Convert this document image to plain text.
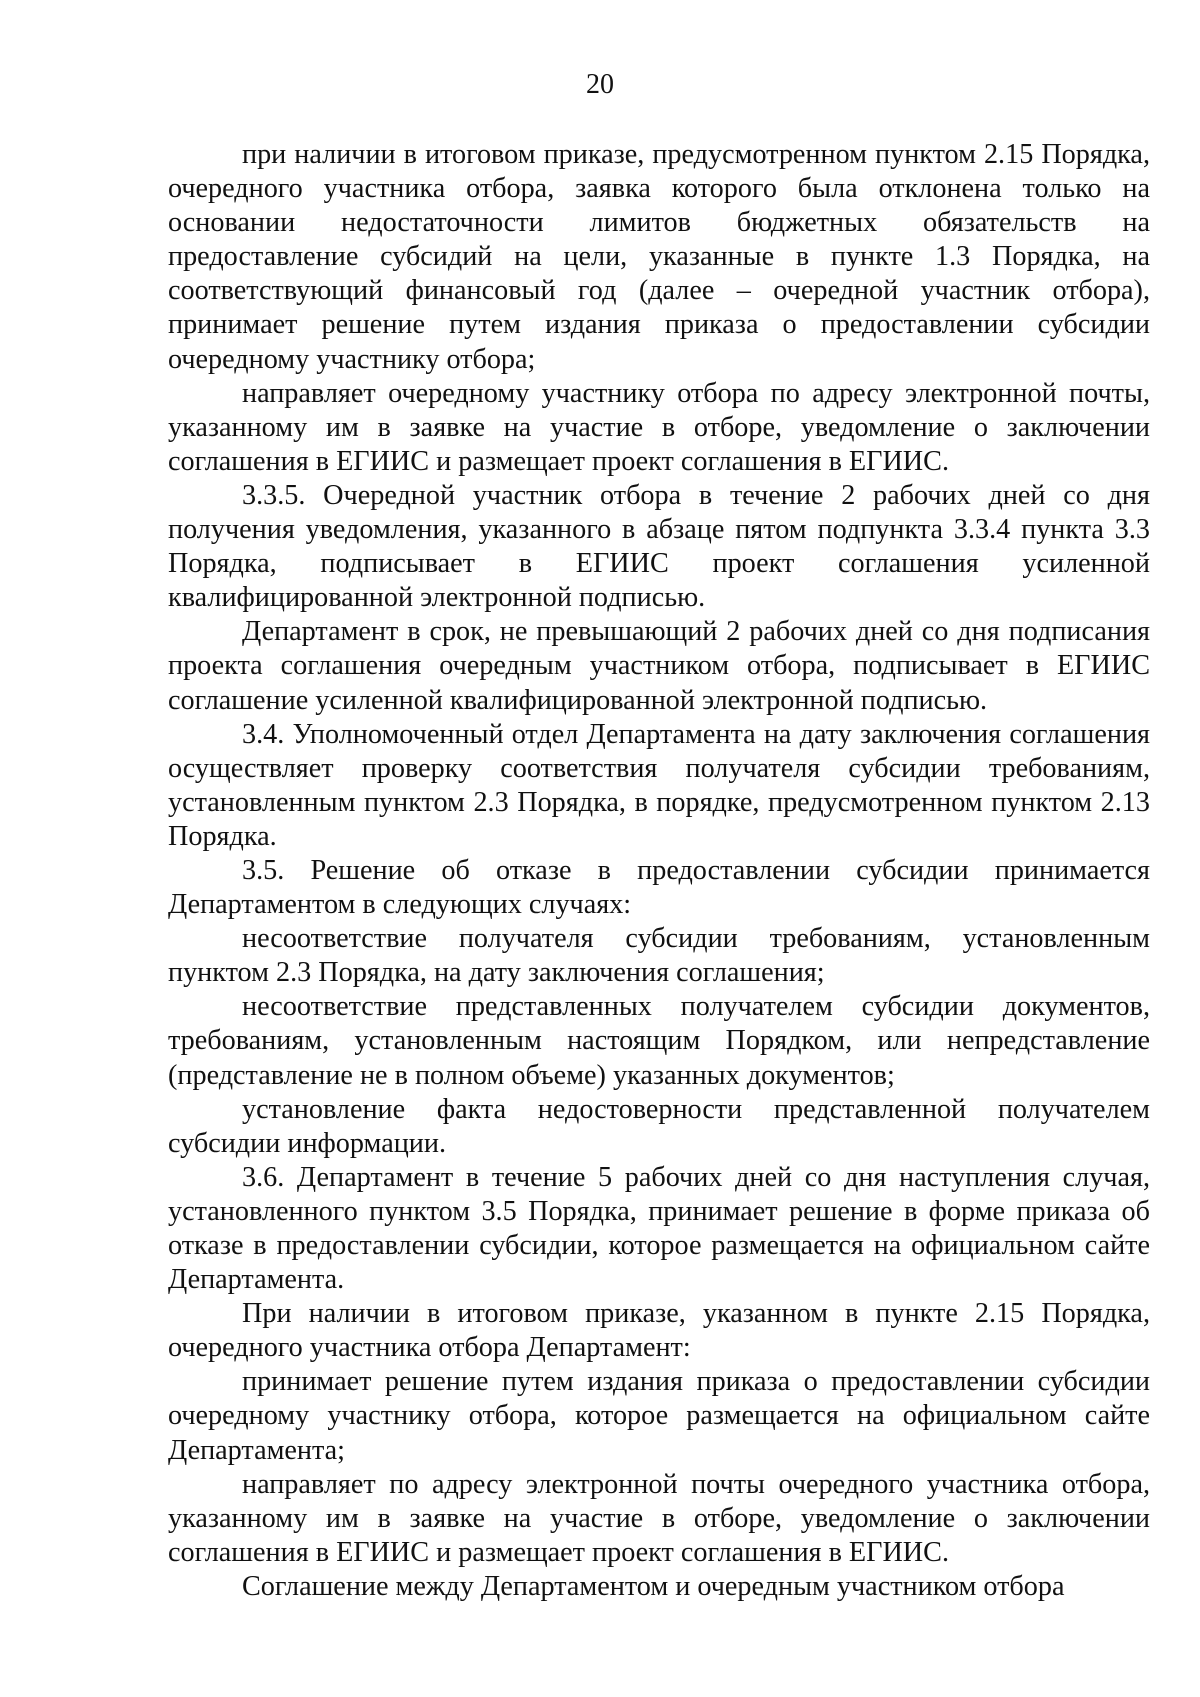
20

при наличии в итоговом приказе, предусмотренном пунктом 2.15 Порядка, очередного участника отбора, заявка которого была отклонена только на основании недостаточности лимитов бюджетных обязательств на предоставление субсидий на цели, указанные в пункте 1.3 Порядка, на соответствующий финансовый год (далее – очередной участник отбора), принимает решение путем издания приказа о предоставлении субсидии очередному участнику отбора;

направляет очередному участнику отбора по адресу электронной почты, указанному им в заявке на участие в отборе, уведомление о заключении соглашения в ЕГИИС и размещает проект соглашения в ЕГИИС.

3.3.5. Очередной участник отбора в течение 2 рабочих дней со дня получения уведомления, указанного в абзаце пятом подпункта 3.3.4 пункта 3.3 Порядка, подписывает в ЕГИИС проект соглашения усиленной квалифицированной электронной подписью.

Департамент в срок, не превышающий 2 рабочих дней со дня подписания проекта соглашения очередным участником отбора, подписывает в ЕГИИС соглашение усиленной квалифицированной электронной подписью.

3.4. Уполномоченный отдел Департамента на дату заключения соглашения осуществляет проверку соответствия получателя субсидии требованиям, установленным пунктом 2.3 Порядка, в порядке, предусмотренном пунктом 2.13 Порядка.

3.5. Решение об отказе в предоставлении субсидии принимается Департаментом в следующих случаях:

несоответствие получателя субсидии требованиям, установленным пунктом 2.3 Порядка, на дату заключения соглашения;

несоответствие представленных получателем субсидии документов, требованиям, установленным настоящим Порядком, или непредставление (представление не в полном объеме) указанных документов;

установление факта недостоверности представленной получателем субсидии информации.

3.6. Департамент в течение 5 рабочих дней со дня наступления случая, установленного пунктом 3.5 Порядка, принимает решение в форме приказа об отказе в предоставлении субсидии, которое размещается на официальном сайте Департамента.

При наличии в итоговом приказе, указанном в пункте 2.15 Порядка, очередного участника отбора Департамент:

принимает решение путем издания приказа о предоставлении субсидии очередному участнику отбора, которое размещается на официальном сайте Департамента;

направляет по адресу электронной почты очередного участника отбора, указанному им в заявке на участие в отборе, уведомление о заключении соглашения в ЕГИИС и размещает проект соглашения в ЕГИИС.

Соглашение между Департаментом и очередным участником отбора
